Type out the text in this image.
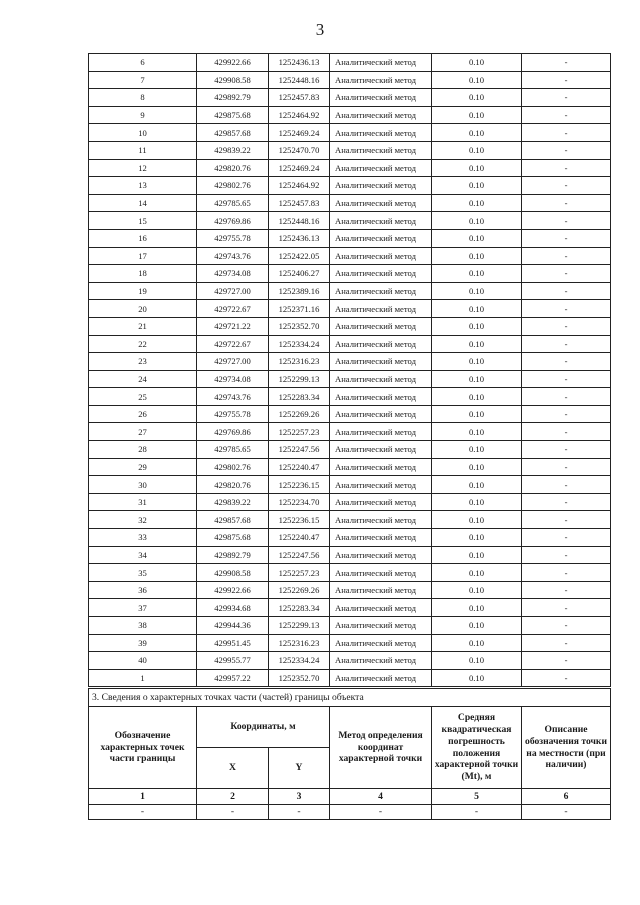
3
6	429922.66	1252436.13	Аналитический метод	0.10	-
7	429908.58	1252448.16	Аналитический метод	0.10	-
8	429892.79	1252457.83	Аналитический метод	0.10	-
9	429875.68	1252464.92	Аналитический метод	0.10	-
10	429857.68	1252469.24	Аналитический метод	0.10	-
11	429839.22	1252470.70	Аналитический метод	0.10	-
12	429820.76	1252469.24	Аналитический метод	0.10	-
13	429802.76	1252464.92	Аналитический метод	0.10	-
14	429785.65	1252457.83	Аналитический метод	0.10	-
15	429769.86	1252448.16	Аналитический метод	0.10	-
16	429755.78	1252436.13	Аналитический метод	0.10	-
17	429743.76	1252422.05	Аналитический метод	0.10	-
18	429734.08	1252406.27	Аналитический метод	0.10	-
19	429727.00	1252389.16	Аналитический метод	0.10	-
20	429722.67	1252371.16	Аналитический метод	0.10	-
21	429721.22	1252352.70	Аналитический метод	0.10	-
22	429722.67	1252334.24	Аналитический метод	0.10	-
23	429727.00	1252316.23	Аналитический метод	0.10	-
24	429734.08	1252299.13	Аналитический метод	0.10	-
25	429743.76	1252283.34	Аналитический метод	0.10	-
26	429755.78	1252269.26	Аналитический метод	0.10	-
27	429769.86	1252257.23	Аналитический метод	0.10	-
28	429785.65	1252247.56	Аналитический метод	0.10	-
29	429802.76	1252240.47	Аналитический метод	0.10	-
30	429820.76	1252236.15	Аналитический метод	0.10	-
31	429839.22	1252234.70	Аналитический метод	0.10	-
32	429857.68	1252236.15	Аналитический метод	0.10	-
33	429875.68	1252240.47	Аналитический метод	0.10	-
34	429892.79	1252247.56	Аналитический метод	0.10	-
35	429908.58	1252257.23	Аналитический метод	0.10	-
36	429922.66	1252269.26	Аналитический метод	0.10	-
37	429934.68	1252283.34	Аналитический метод	0.10	-
38	429944.36	1252299.13	Аналитический метод	0.10	-
39	429951.45	1252316.23	Аналитический метод	0.10	-
40	429955.77	1252334.24	Аналитический метод	0.10	-
1	429957.22	1252352.70	Аналитический метод	0.10	-
3. Сведения о характерных точках части (частей) границы объекта					
Обозначение характерных точек части границы	Координаты, м		Метод определения координат характерной точки	Средняя квадратическая погрешность положения характерной точки (Mt), м	Описание обозначения точки на местности (при наличии)
	X	Y			
1	2	3	4	5	6
-	-	-	-	-	-
